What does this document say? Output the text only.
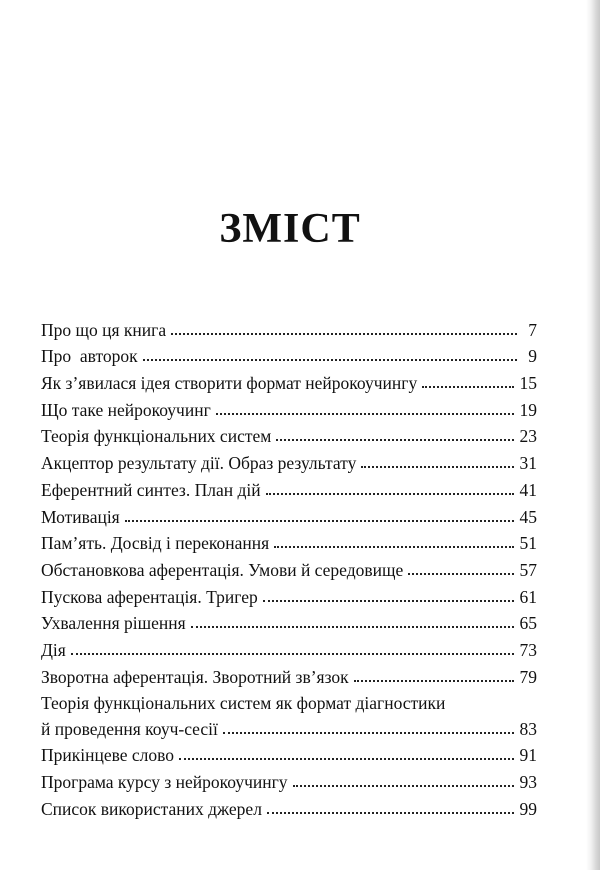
ЗМІСТ
Про що ця книга	7
Про  авторок	9
Як з’явилася ідея створити формат нейрокоучингу	15
Що таке нейрокоучинг	19
Теорія функціональних систем	23
Акцептор результату дії. Образ результату	31
Еферентний синтез. План дій	41
Мотивація	45
Пам’ять. Досвід і переконання	51
Обстановкова аферентація. Умови й середовище	57
Пускова аферентація. Тригер	61
Ухвалення рішення	65
Дія	73
Зворотна аферентація. Зворотний зв’язок	79
Теорія функціональних систем як формат діагностики
й проведення коуч-сесії	83
Прикінцеве слово	91
Програма курсу з нейрокоучингу	93
Список використаних джерел	99
